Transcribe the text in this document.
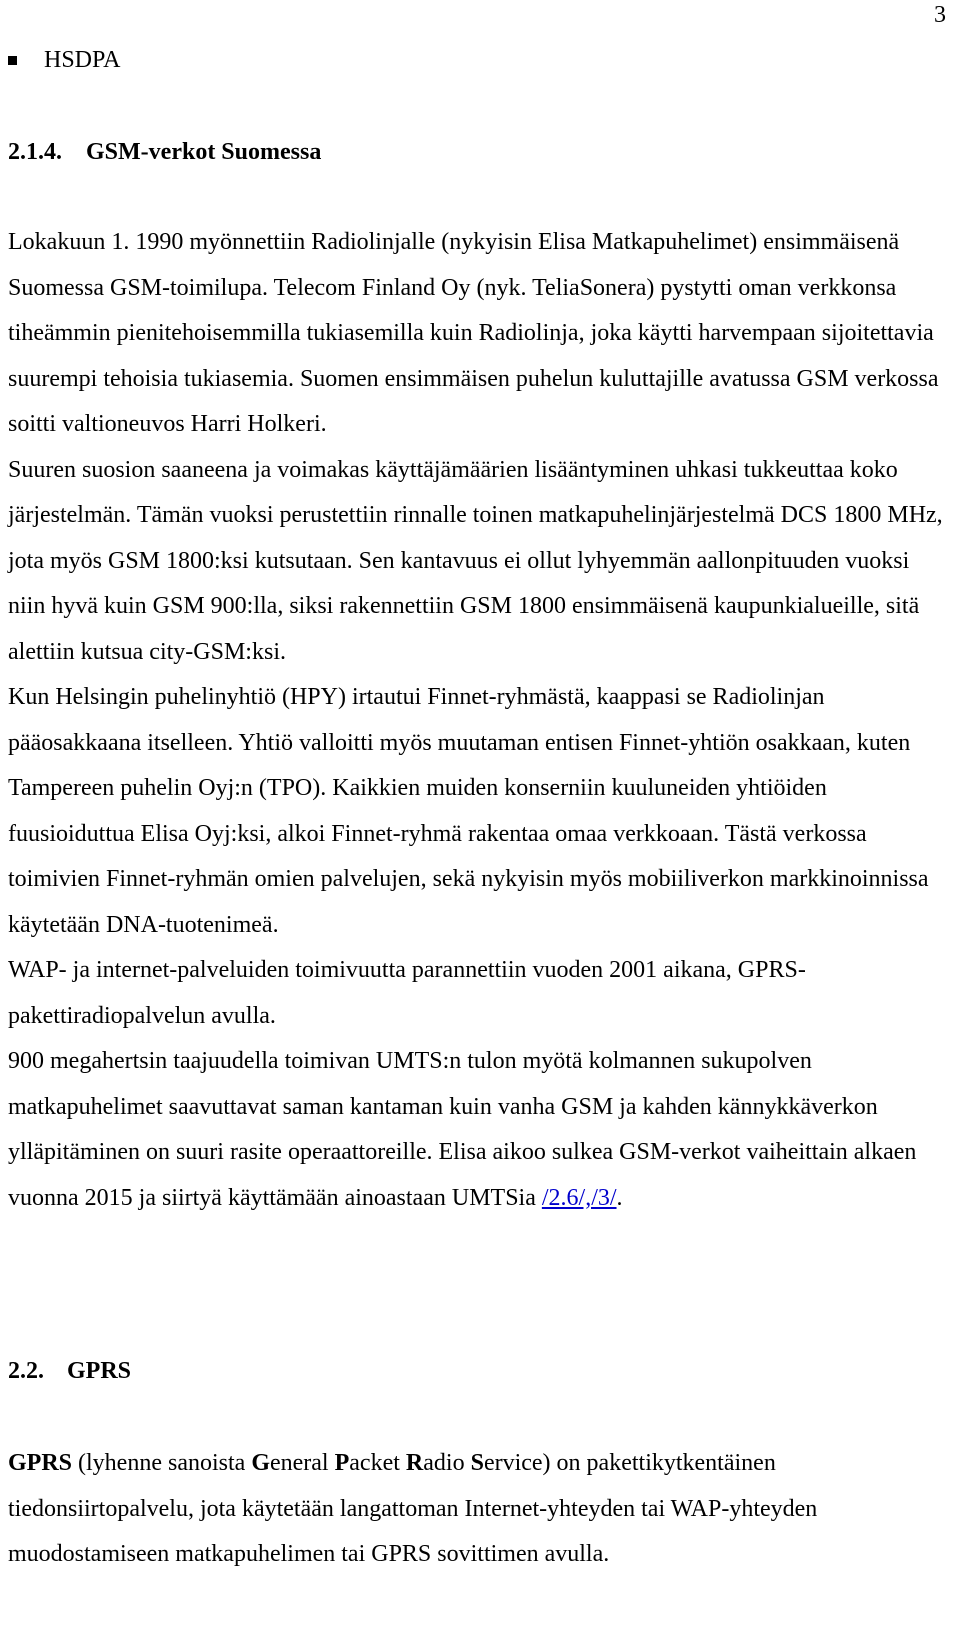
3
HSDPA
2.1.4. GSM-verkot Suomessa

Lokakuun 1. 1990 myönnettiin Radiolinjalle (nykyisin Elisa Matkapuhelimet) ensimmäisenä Suomessa GSM-toimilupa. Telecom Finland Oy (nyk. TeliaSonera) pystytti oman verkkonsa tiheämmin pienitehoisemmilla tukiasemilla kuin Radiolinja, joka käytti harvempaan sijoitettavia suurempi tehoisia tukiasemia. Suomen ensimmäisen puhelun kuluttajille avatussa GSM verkossa soitti valtioneuvos Harri Holkeri.

Suuren suosion saaneena ja voimakas käyttäjämäärien lisääntyminen uhkasi tukkeuttaa koko järjestelmän. Tämän vuoksi perustettiin rinnalle toinen matkapuhelinjärjestelmä DCS 1800 MHz, jota myös GSM 1800:ksi kutsutaan. Sen kantavuus ei ollut lyhyemmän aallonpituuden vuoksi niin hyvä kuin GSM 900:lla, siksi rakennettiin GSM 1800 ensimmäisenä kaupunkialueille, sitä alettiin kutsua city-GSM:ksi.

Kun Helsingin puhelinyhtiö (HPY) irtautui Finnet-ryhmästä, kaappasi se Radiolinjan pääosakkaana itselleen. Yhtiö valloitti myös muutaman entisen Finnet-yhtiön osakkaan, kuten Tampereen puhelin Oyj:n (TPO). Kaikkien muiden konserniin kuuluneiden yhtiöiden fuusioiduttua Elisa Oyj:ksi, alkoi Finnet-ryhmä rakentaa omaa verkkoaan. Tästä verkossa toimivien Finnet-ryhmän omien palvelujen, sekä nykyisin myös mobiiliverkon markkinoinnissa käytetään DNA-tuotenimeä.

WAP- ja internet-palveluiden toimivuutta parannettiin vuoden 2001 aikana, GPRS-pakettiradiopalvelun avulla.

900 megahertsin taajuudella toimivan UMTS:n tulon myötä kolmannen sukupolven matkapuhelimet saavuttavat saman kantaman kuin vanha GSM ja kahden kännykkäverkon ylläpitäminen on suuri rasite operaattoreille. Elisa aikoo sulkea GSM-verkot vaiheittain alkaen vuonna 2015 ja siirtyä käyttämään ainoastaan UMTSia /2.6/,/3/.

2.2. GPRS

GPRS (lyhenne sanoista General Packet Radio Service) on pakettikytkentäinen tiedonsiirtopalvelu, jota käytetään langattoman Internet-yhteyden tai WAP-yhteyden muodostamiseen matkapuhelimen tai GPRS sovittimen avulla.
